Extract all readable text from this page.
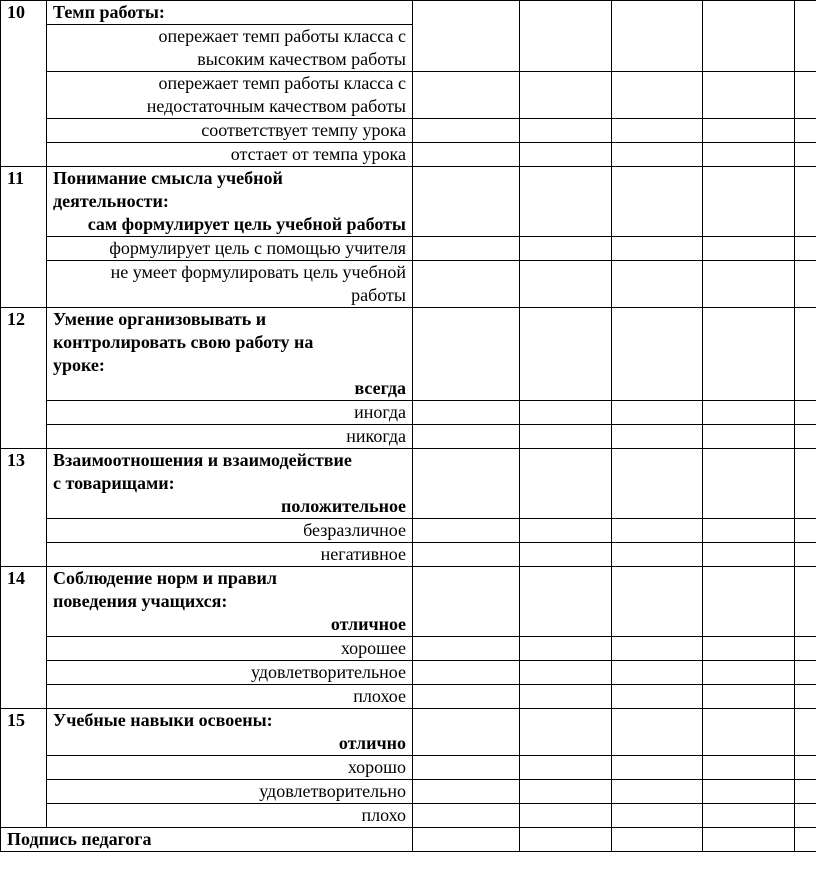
10	Темп работы:					

	опережает темп работы класса с
высоким качеством работы					

	опережает темп работы класса с
недостаточным качеством работы					

	соответствует темпу урока					

	отстает от темпа урока					

11	Понимание смысла учебной
деятельности:
сам формулирует цель учебной работы					

	формулирует цель с помощью учителя					

	не умеет формулировать цель учебной
работы					

12	Умение организовывать и
контролировать свою работу на
уроке:
всегда					

	иногда					

	никогда					

13	Взаимоотношения и взаимодействие
с товарищами:
положительное					

	безразличное					

	негативное					

14	Соблюдение норм и правил
поведения учащихся:
отличное					

	хорошее					

	удовлетворительное					

	плохое					

15	Учебные навыки освоены:
отлично					

	хорошо					

	удовлетворительно					

	плохо					

Подпись педагога						
